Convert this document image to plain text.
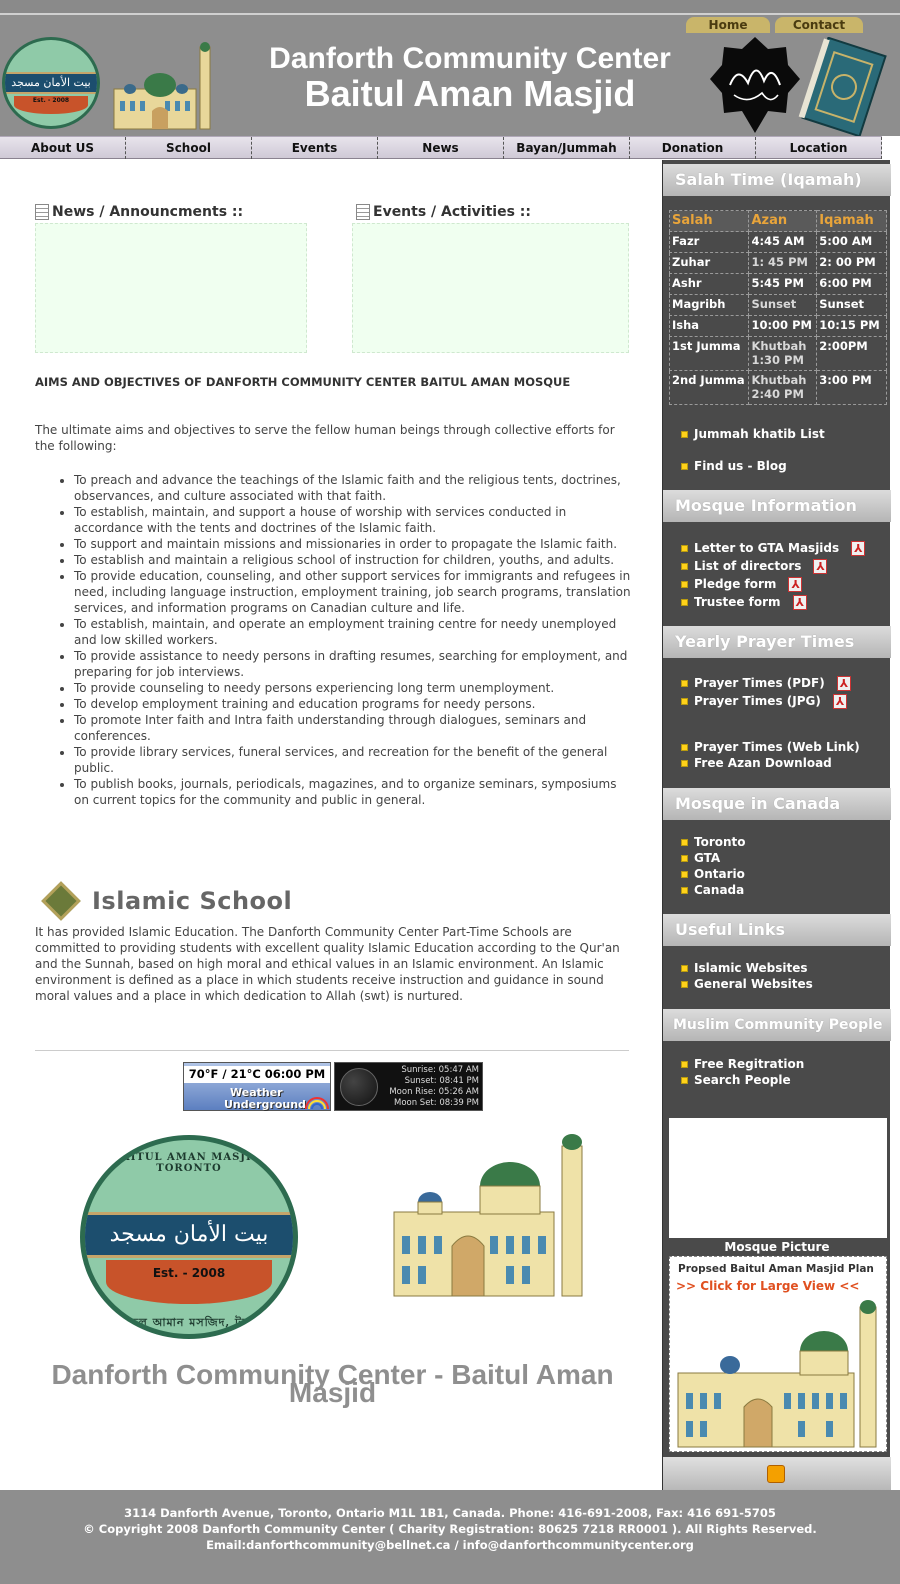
Home	Contact
بيت الأمان مسجد
Est. - 2008
Danforth Community Center
Baitul Aman Masjid
About US	School	Events	News	Bayan/Jummah	Donation	Location
News / Announcments ::	Events / Activities ::
AIMS AND OBJECTIVES OF DANFORTH COMMUNITY CENTER BAITUL AMAN MOSQUE
The ultimate aims and objectives to serve the fellow human beings through collective efforts for the following:
• To preach and advance the teachings of the Islamic faith and the religious tents, doctrines, observances, and culture associated with that faith.
• To establish, maintain, and support a house of worship with services conducted in accordance with the tents and doctrines of the Islamic faith.
• To support and maintain missions and missionaries in order to propagate the Islamic faith.
• To establish and maintain a religious school of instruction for children, youths, and adults.
• To provide education, counseling, and other support services for immigrants and refugees in need, including language instruction, employment training, job search programs, translation services, and information programs on Canadian culture and life.
• To establish, maintain, and operate an employment training centre for needy unemployed and low skilled workers.
• To provide assistance to needy persons in drafting resumes, searching for employment, and preparing for job interviews.
• To provide counseling to needy persons experiencing long term unemployment.
• To develop employment training and education programs for needy persons.
• To promote Inter faith and Intra faith understanding through dialogues, seminars and conferences.
• To provide library services, funeral services, and recreation for the benefit of the general public.
• To publish books, journals, periodicals, magazines, and to organize seminars, symposiums on current topics for the community and public in general.
Islamic School
It has provided Islamic Education. The Danforth Community Center Part-Time Schools are committed to providing students with excellent quality Islamic Education according to the Qur'an and the Sunnah, based on high moral and ethical values in an Islamic environment. An Islamic environment is defined as a place in which students receive instruction and guidance in sound moral values and a place in which dedication to Allah (swt) is nurtured.
70°F / 21°C 06:00 PM
Weather
Underground
Sunrise: 05:47 AM
Sunset: 08:41 PM
Moon Rise: 05:26 AM
Moon Set: 08:39 PM
BAITUL AMAN MASJID, TORONTO
بيت الأمان مسجد
Est. - 2008
বায়তুল আমান মসজিদ, টরন্টো
Danforth Community Center - Baitul Aman Masjid
Salah Time (Iqamah)
Salah	Azan	Iqamah
Fazr	4:45 AM	5:00 AM
Zuhar	1: 45 PM	2: 00 PM
Ashr	5:45 PM	6:00 PM
Magribh	Sunset	Sunset
Isha	10:00 PM	10:15 PM
1st Jumma	Khutbah 1:30 PM	2:00PM
2nd Jumma	Khutbah 2:40 PM	3:00 PM
Jummah khatib List
Find us - Blog
Mosque Information
Letter to GTA Masjids
⅄
List of directors
⅄
Pledge form
⅄
Trustee form
⅄
Yearly Prayer Times
Prayer Times (PDF)
⅄
Prayer Times (JPG)
⅄
Prayer Times (Web Link)
Free Azan Download
Mosque in Canada
Toronto
GTA
Ontario
Canada
Useful Links
Islamic Websites
General Websites
Muslim Community People
Free Regitration
Search People
Mosque Picture
Propsed Baitul Aman Masjid Plan
>> Click for Large View <<
3114 Danforth Avenue, Toronto, Ontario M1L 1B1, Canada. Phone: 416-691-2008, Fax: 416 691-5705
© Copyright 2008 Danforth Community Center ( Charity Registration: 80625 7218 RR0001 ). All Rights Reserved.
Email:danforthcommunity@bellnet.ca / info@danforthcommunitycenter.org
